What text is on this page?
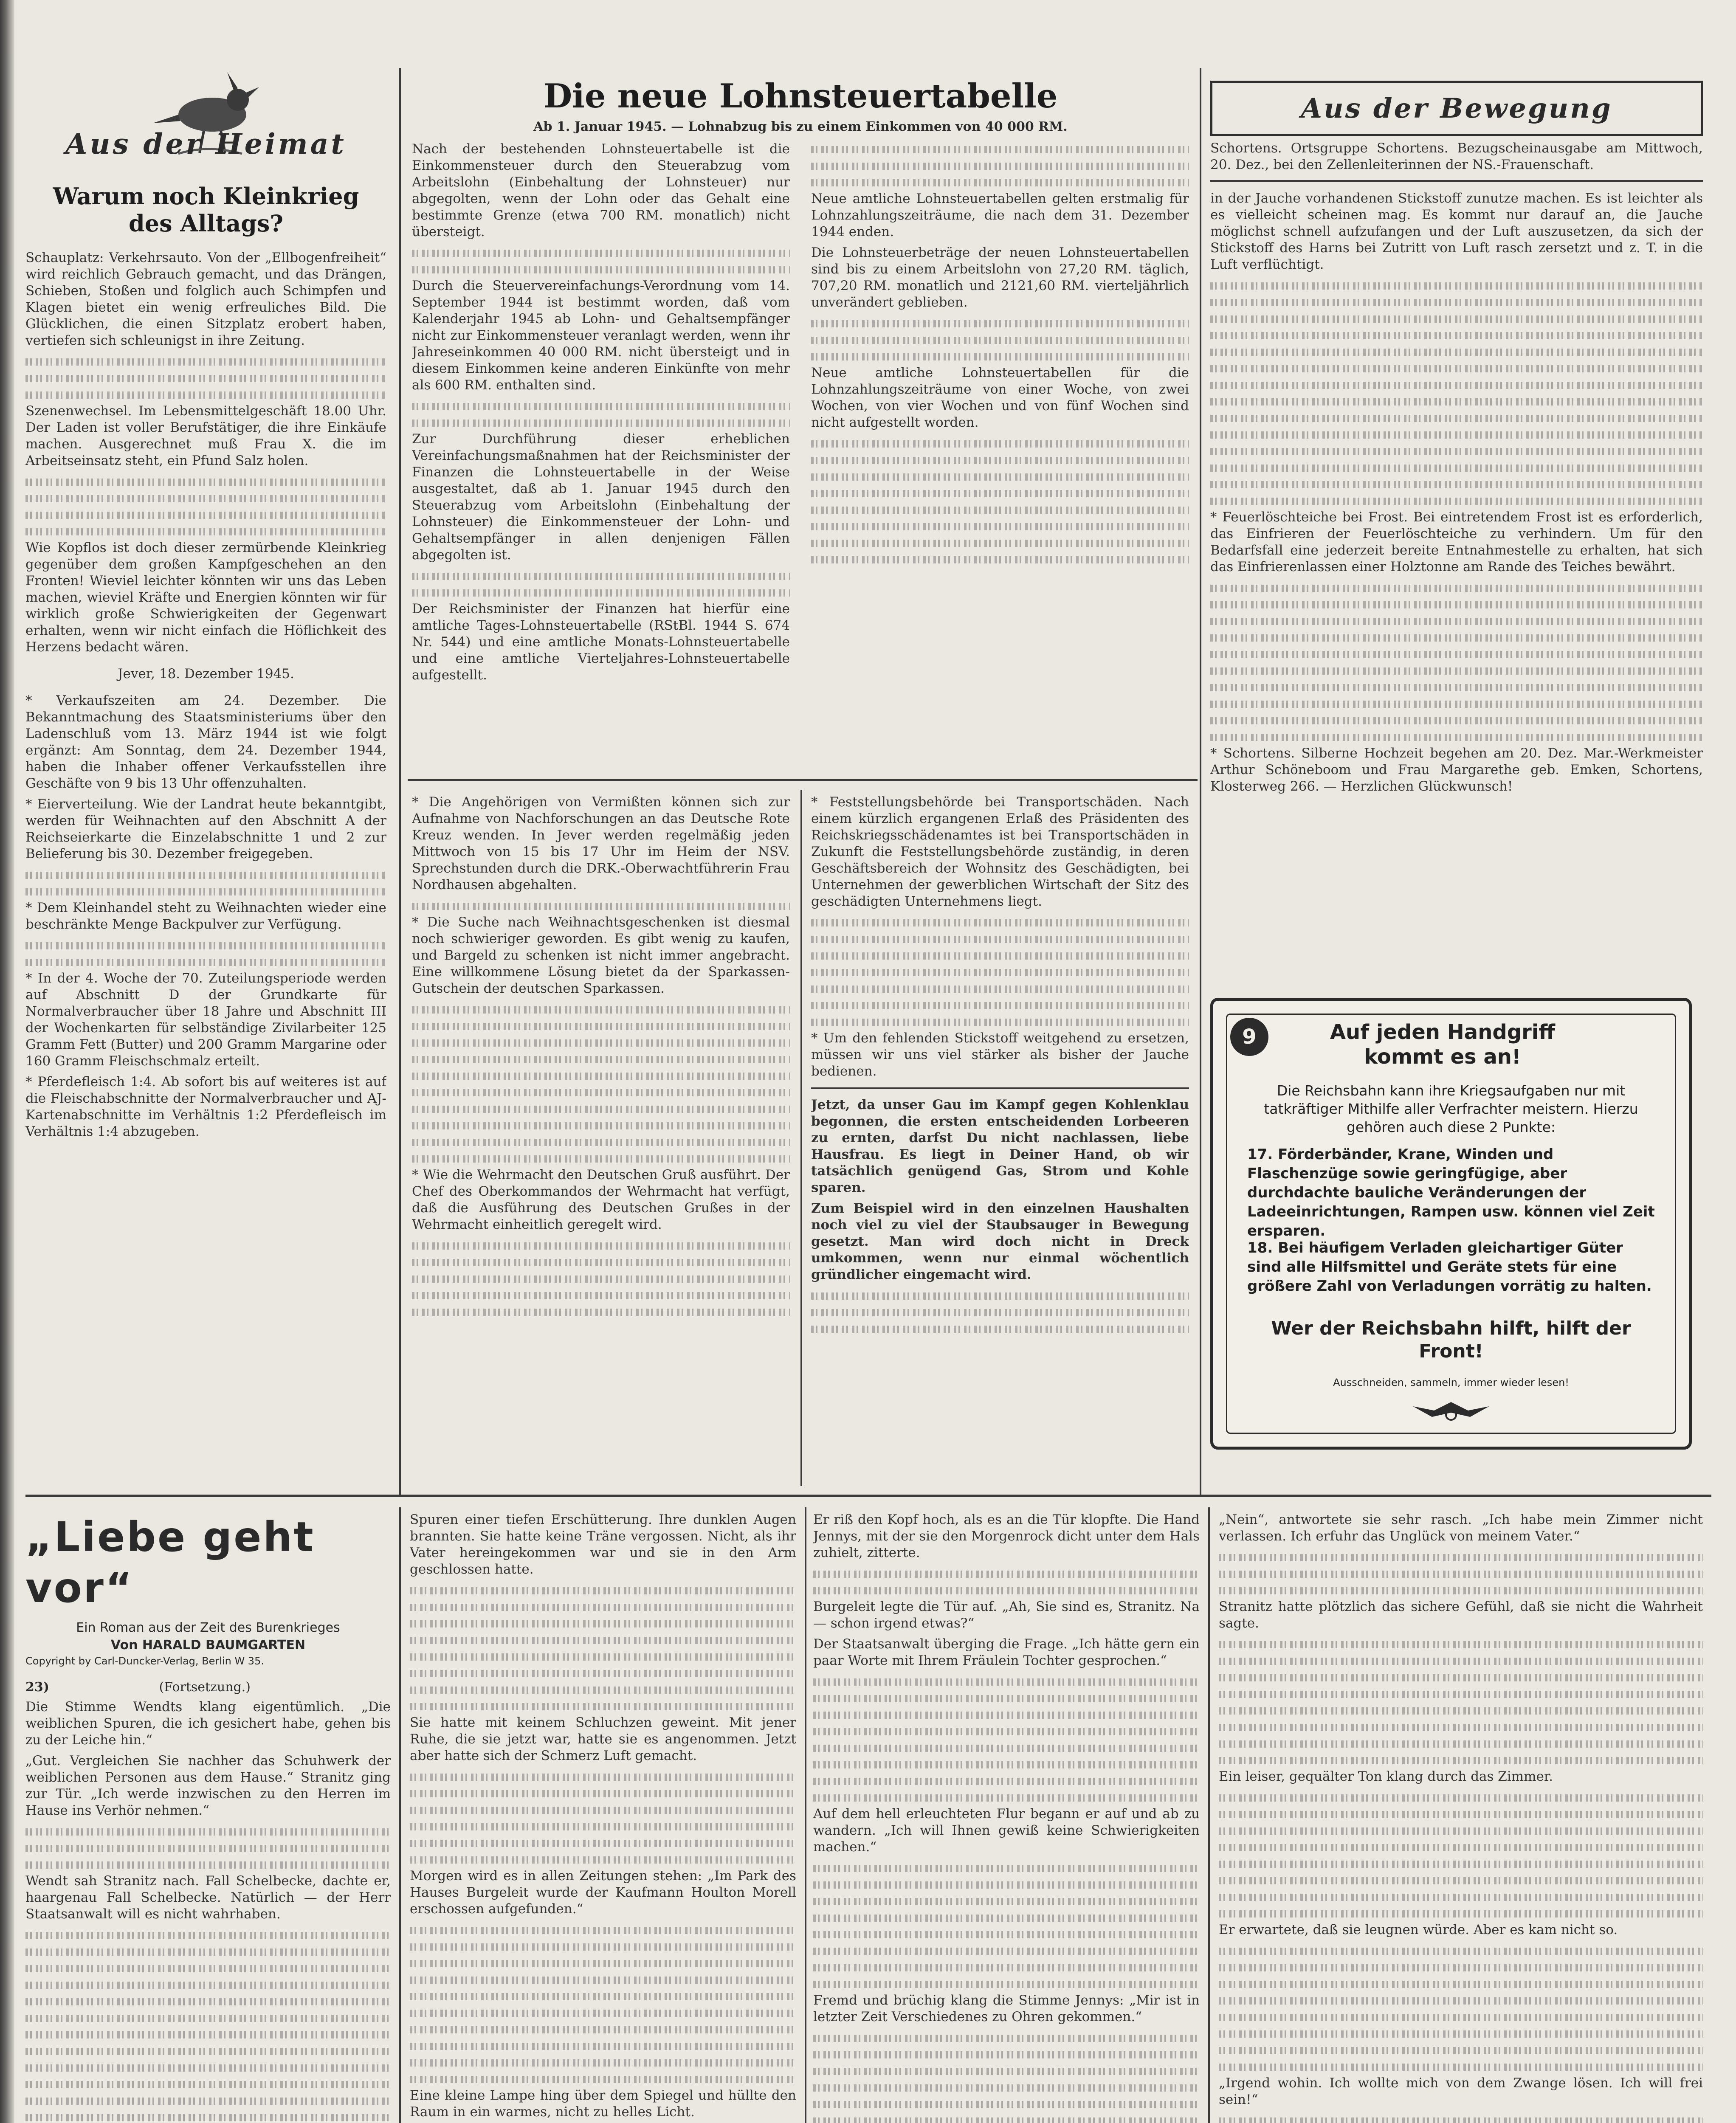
Aus der Heimat
Warum noch Kleinkrieg des Alltags?

Schauplatz: Verkehrsauto. Von der „Ellbogenfreiheit“ wird reichlich Gebrauch gemacht, und das Drängen, Schieben, Stoßen und folglich auch Schimpfen und Klagen bietet ein wenig erfreuliches Bild. Die Glücklichen, die einen Sitzplatz erobert haben, vertiefen sich schleunigst in ihre Zeitung.

Szenenwechsel. Im Lebensmittelgeschäft 18.00 Uhr. Der Laden ist voller Berufstätiger, die ihre Einkäufe machen. Ausgerechnet muß Frau X. die im Arbeitseinsatz steht, ein Pfund Salz holen.

Wie Kopflos ist doch dieser zermürbende Kleinkrieg gegenüber dem großen Kampfgeschehen an den Fronten! Wieviel leichter könnten wir uns das Leben machen, wieviel Kräfte und Energien könnten wir für wirklich große Schwierigkeiten der Gegenwart erhalten, wenn wir nicht einfach die Höflichkeit des Herzens bedacht wären.

Jever, 18. Dezember 1945.

* Verkaufszeiten am 24. Dezember. Die Bekanntmachung des Staatsministeriums über den Ladenschluß vom 13. März 1944 ist wie folgt ergänzt: Am Sonntag, dem 24. Dezember 1944, haben die Inhaber offener Verkaufsstellen ihre Geschäfte von 9 bis 13 Uhr offenzuhalten.

* Eierverteilung. Wie der Landrat heute bekanntgibt, werden für Weihnachten auf den Abschnitt A der Reichseierkarte die Einzelabschnitte 1 und 2 zur Belieferung bis 30. Dezember freigegeben.

* Dem Kleinhandel steht zu Weihnachten wieder eine beschränkte Menge Backpulver zur Verfügung.

* In der 4. Woche der 70. Zuteilungsperiode werden auf Abschnitt D der Grundkarte für Normalverbraucher über 18 Jahre und Abschnitt III der Wochenkarten für selbständige Zivilarbeiter 125 Gramm Fett (Butter) und 200 Gramm Margarine oder 160 Gramm Fleischschmalz erteilt.

* Pferdefleisch 1:4. Ab sofort bis auf weiteres ist auf die Fleischabschnitte der Normalverbraucher und AJ-Kartenabschnitte im Verhältnis 1:2 Pferdefleisch im Verhältnis 1:4 abzugeben.

Die neue Lohnsteuertabelle
Ab 1. Januar 1945. — Lohnabzug bis zu einem Einkommen von 40 000 RM.

Nach der bestehenden Lohnsteuertabelle ist die Einkommensteuer durch den Steuerabzug vom Arbeitslohn (Einbehaltung der Lohnsteuer) nur abgegolten, wenn der Lohn oder das Gehalt eine bestimmte Grenze (etwa 700 RM. monatlich) nicht übersteigt.

Durch die Steuervereinfachungs-Verordnung vom 14. September 1944 ist bestimmt worden, daß vom Kalenderjahr 1945 ab Lohn- und Gehaltsempfänger nicht zur Einkommensteuer veranlagt werden, wenn ihr Jahreseinkommen 40 000 RM. nicht übersteigt und in diesem Einkommen keine anderen Einkünfte von mehr als 600 RM. enthalten sind.

Zur Durchführung dieser erheblichen Vereinfachungsmaßnahmen hat der Reichsminister der Finanzen die Lohnsteuertabelle in der Weise ausgestaltet, daß ab 1. Januar 1945 durch den Steuerabzug vom Arbeitslohn (Einbehaltung der Lohnsteuer) die Einkommensteuer der Lohn- und Gehaltsempfänger in allen denjenigen Fällen abgegolten ist.

Der Reichsminister der Finanzen hat hierfür eine amtliche Tages-Lohnsteuertabelle (RStBl. 1944 S. 674 Nr. 544) und eine amtliche Monats-Lohnsteuertabelle und eine amtliche Vierteljahres-Lohnsteuertabelle aufgestellt.

Neue amtliche Lohnsteuertabellen gelten erstmalig für Lohnzahlungszeiträume, die nach dem 31. Dezember 1944 enden.

Die Lohnsteuerbeträge der neuen Lohnsteuertabellen sind bis zu einem Arbeitslohn von 27,20 RM. täglich, 707,20 RM. monatlich und 2121,60 RM. vierteljährlich unverändert geblieben.

Neue amtliche Lohnsteuertabellen für die Lohnzahlungszeiträume von einer Woche, von zwei Wochen, von vier Wochen und von fünf Wochen sind nicht aufgestellt worden.

* Die Angehörigen von Vermißten können sich zur Aufnahme von Nachforschungen an das Deutsche Rote Kreuz wenden. In Jever werden regelmäßig jeden Mittwoch von 15 bis 17 Uhr im Heim der NSV. Sprechstunden durch die DRK.-Oberwachtführerin Frau Nordhausen abgehalten.

* Die Suche nach Weihnachtsgeschenken ist diesmal noch schwieriger geworden. Es gibt wenig zu kaufen, und Bargeld zu schenken ist nicht immer angebracht. Eine willkommene Lösung bietet da der Sparkassen-Gutschein der deutschen Sparkassen.

* Wie die Wehrmacht den Deutschen Gruß ausführt. Der Chef des Oberkommandos der Wehrmacht hat verfügt, daß die Ausführung des Deutschen Grußes in der Wehrmacht einheitlich geregelt wird.

* Feststellungsbehörde bei Transportschäden. Nach einem kürzlich ergangenen Erlaß des Präsidenten des Reichskriegsschädenamtes ist bei Transportschäden in Zukunft die Feststellungsbehörde zuständig, in deren Geschäftsbereich der Wohnsitz des Geschädigten, bei Unternehmen der gewerblichen Wirtschaft der Sitz des geschädigten Unternehmens liegt.

* Um den fehlenden Stickstoff weitgehend zu ersetzen, müssen wir uns viel stärker als bisher der Jauche bedienen.

Jetzt, da unser Gau im Kampf gegen Kohlenklau begonnen, die ersten entscheidenden Lorbeeren zu ernten, darfst Du nicht nachlassen, liebe Hausfrau. Es liegt in Deiner Hand, ob wir tatsächlich genügend Gas, Strom und Kohle sparen.

Zum Beispiel wird in den einzelnen Haushalten noch viel zu viel der Staubsauger in Bewegung gesetzt. Man wird doch nicht in Dreck umkommen, wenn nur einmal wöchentlich gründlicher eingemacht wird.

Aus der Bewegung

Schortens. Ortsgruppe Schortens. Bezugscheinausgabe am Mittwoch, 20. Dez., bei den Zellenleiterinnen der NS.-Frauenschaft.

in der Jauche vorhandenen Stickstoff zunutze machen. Es ist leichter als es vielleicht scheinen mag. Es kommt nur darauf an, die Jauche möglichst schnell aufzufangen und der Luft auszusetzen, da sich der Stickstoff des Harns bei Zutritt von Luft rasch zersetzt und z. T. in die Luft verflüchtigt.

* Feuerlöschteiche bei Frost. Bei eintretendem Frost ist es erforderlich, das Einfrieren der Feuerlöschteiche zu verhindern. Um für den Bedarfsfall eine jederzeit bereite Entnahmestelle zu erhalten, hat sich das Einfrierenlassen einer Holztonne am Rande des Teiches bewährt.

* Schortens. Silberne Hochzeit begehen am 20. Dez. Mar.-Werkmeister Arthur Schöneboom und Frau Margarethe geb. Emken, Schortens, Klosterweg 266. — Herzlichen Glückwunsch!

9	Auf jeden Handgriff kommt es an!
Die Reichsbahn kann ihre Kriegsaufgaben nur mit tatkräftiger Mithilfe aller Verfrachter meistern. Hierzu gehören auch diese 2 Punkte:
17. Förderbänder, Krane, Winden und Flaschenzüge sowie geringfügige, aber durchdachte bauliche Veränderungen der Ladeeinrichtungen, Rampen usw. können viel Zeit ersparen.
18. Bei häufigem Verladen gleichartiger Güter sind alle Hilfsmittel und Geräte stets für eine größere Zahl von Verladungen vorrätig zu halten.
Wer der Reichsbahn hilft, hilft der Front!
Ausschneiden, sammeln, immer wieder lesen!
„Liebe geht vor“
Ein Roman aus der Zeit des Burenkrieges
Von HARALD BAUMGARTEN
Copyright by Carl-Duncker-Verlag, Berlin W 35.
23)	(Fortsetzung.)

Die Stimme Wendts klang eigentümlich. „Die weiblichen Spuren, die ich gesichert habe, gehen bis zu der Leiche hin.“

„Gut. Vergleichen Sie nachher das Schuhwerk der weiblichen Personen aus dem Hause.“ Stranitz ging zur Tür. „Ich werde inzwischen zu den Herren im Hause ins Verhör nehmen.“

Wendt sah Stranitz nach. Fall Schelbecke, dachte er, haargenau Fall Schelbecke. Natürlich — der Herr Staatsanwalt will es nicht wahrhaben.

Spuren einer tiefen Erschütterung. Ihre dunklen Augen brannten. Sie hatte keine Träne vergossen. Nicht, als ihr Vater hereingekommen war und sie in den Arm geschlossen hatte.

Sie hatte mit keinem Schluchzen geweint. Mit jener Ruhe, die sie jetzt war, hatte sie es angenommen. Jetzt aber hatte sich der Schmerz Luft gemacht.

Morgen wird es in allen Zeitungen stehen: „Im Park des Hauses Burgeleit wurde der Kaufmann Houlton Morell erschossen aufgefunden.“

Eine kleine Lampe hing über dem Spiegel und hüllte den Raum in ein warmes, nicht zu helles Licht.

Er riß den Kopf hoch, als es an die Tür klopfte. Die Hand Jennys, mit der sie den Morgenrock dicht unter dem Hals zuhielt, zitterte.

Burgeleit legte die Tür auf. „Ah, Sie sind es, Stranitz. Na — schon irgend etwas?“

Der Staatsanwalt überging die Frage. „Ich hätte gern ein paar Worte mit Ihrem Fräulein Tochter gesprochen.“

Auf dem hell erleuchteten Flur begann er auf und ab zu wandern. „Ich will Ihnen gewiß keine Schwierigkeiten machen.“

Fremd und brüchig klang die Stimme Jennys: „Mir ist in letzter Zeit Verschiedenes zu Ohren gekommen.“

„Nein“, antwortete sie sehr rasch. „Ich habe mein Zimmer nicht verlassen. Ich erfuhr das Unglück von meinem Vater.“

Stranitz hatte plötzlich das sichere Gefühl, daß sie nicht die Wahrheit sagte.

Ein leiser, gequälter Ton klang durch das Zimmer.

Er erwartete, daß sie leugnen würde. Aber es kam nicht so.

„Irgend wohin. Ich wollte mich von dem Zwange lösen. Ich will frei sein!“
